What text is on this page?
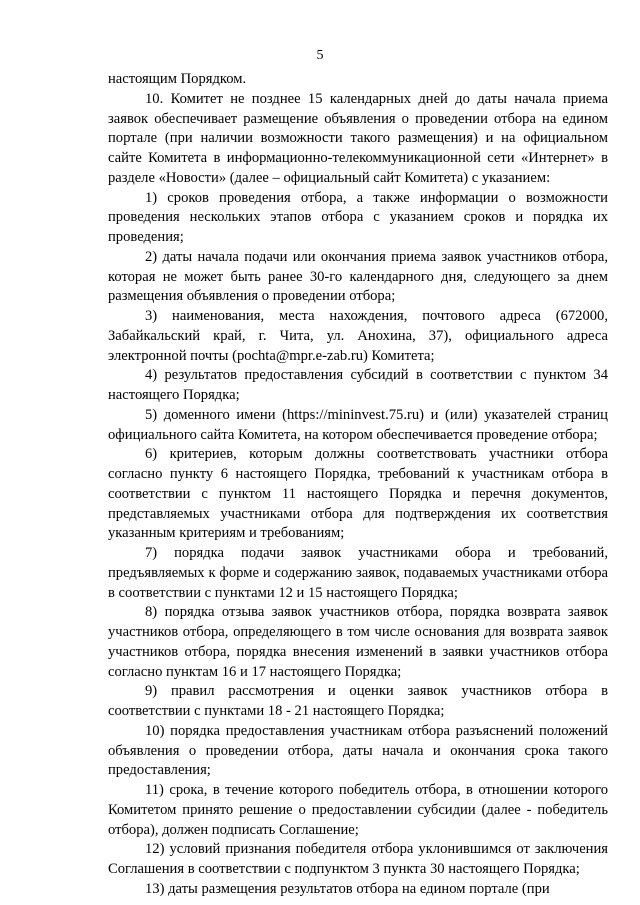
5

настоящим Порядком.

10. Комитет не позднее 15 календарных дней до даты начала приема заявок обеспечивает размещение объявления о проведении отбора на едином портале (при наличии возможности такого размещения) и на официальном сайте Комитета в информационно-телекоммуникационной сети «Интернет» в разделе «Новости» (далее – официальный сайт Комитета) с указанием:

1) сроков проведения отбора, а также информации о возможности проведения нескольких этапов отбора с указанием сроков и порядка их проведения;

2) даты начала подачи или окончания приема заявок участников отбора, которая не может быть ранее 30-го календарного дня, следующего за днем размещения объявления о проведении отбора;

3) наименования, места нахождения, почтового адреса (672000, Забайкальский край, г. Чита, ул. Анохина, 37), официального адреса электронной почты (pochta@mpr.e-zab.ru) Комитета;

4) результатов предоставления субсидий в соответствии с пунктом 34 настоящего Порядка;

5) доменного имени (https://mininvest.75.ru) и (или) указателей страниц официального сайта Комитета, на котором обеспечивается проведение отбора;

6) критериев, которым должны соответствовать участники отбора согласно пункту 6 настоящего Порядка, требований к участникам отбора в соответствии с пунктом 11 настоящего Порядка и перечня документов, представляемых участниками отбора для подтверждения их соответствия указанным критериям и требованиям;

7) порядка подачи заявок участниками обора и требований, предъявляемых к форме и содержанию заявок, подаваемых участниками отбора в соответствии с пунктами 12 и 15 настоящего Порядка;

8) порядка отзыва заявок участников отбора, порядка возврата заявок участников отбора, определяющего в том числе основания для возврата заявок участников отбора, порядка внесения изменений в заявки участников отбора согласно пунктам 16 и 17 настоящего Порядка;

9) правил рассмотрения и оценки заявок участников отбора в соответствии с пунктами 18 - 21 настоящего Порядка;

10) порядка предоставления участникам отбора разъяснений положений объявления о проведении отбора, даты начала и окончания срока такого предоставления;

11) срока, в течение которого победитель отбора, в отношении которого Комитетом принято решение о предоставлении субсидии (далее - победитель отбора), должен подписать Соглашение;

12) условий признания победителя отбора уклонившимся от заключения Соглашения в соответствии с подпунктом 3 пункта 30 настоящего Порядка;

13) даты размещения результатов отбора на едином портале (при
